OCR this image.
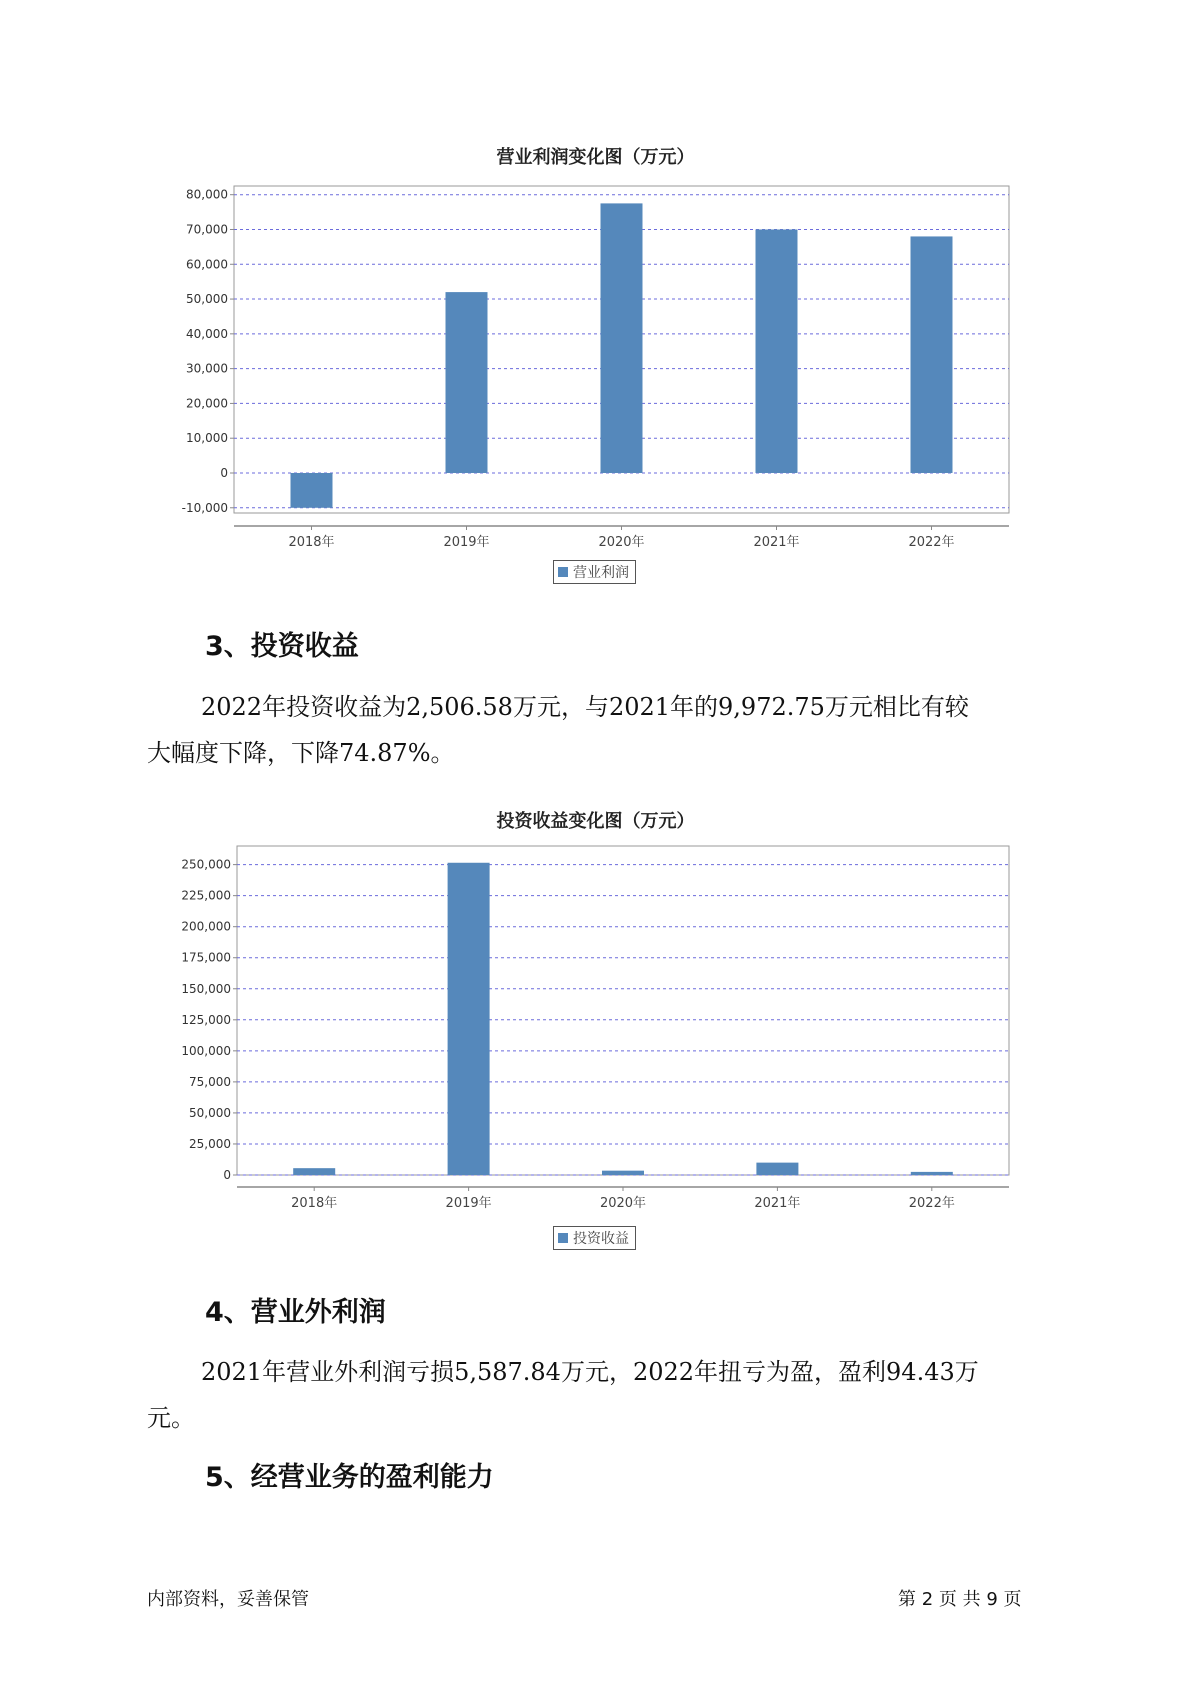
营业利润变化图（万元）
-10,000
0
10,000
20,000
30,000
40,000
50,000
60,000
70,000
80,000
2018年	2019年	2020年	2021年	2022年
营业利润
3、投资收益

2022年投资收益为2,506.58万元，与2021年的9,972.75万元相比有较
大幅度下降，下降74.87%。

投资收益变化图（万元）
0
25,000
50,000
75,000
100,000
125,000
150,000
175,000
200,000
225,000
250,000
2018年	2019年	2020年	2021年	2022年
投资收益
4、营业外利润

2021年营业外利润亏损5,587.84万元，2022年扭亏为盈，盈利94.43万
元。

5、经营业务的盈利能力
内部资料，妥善保管	第 2 页 共 9 页
